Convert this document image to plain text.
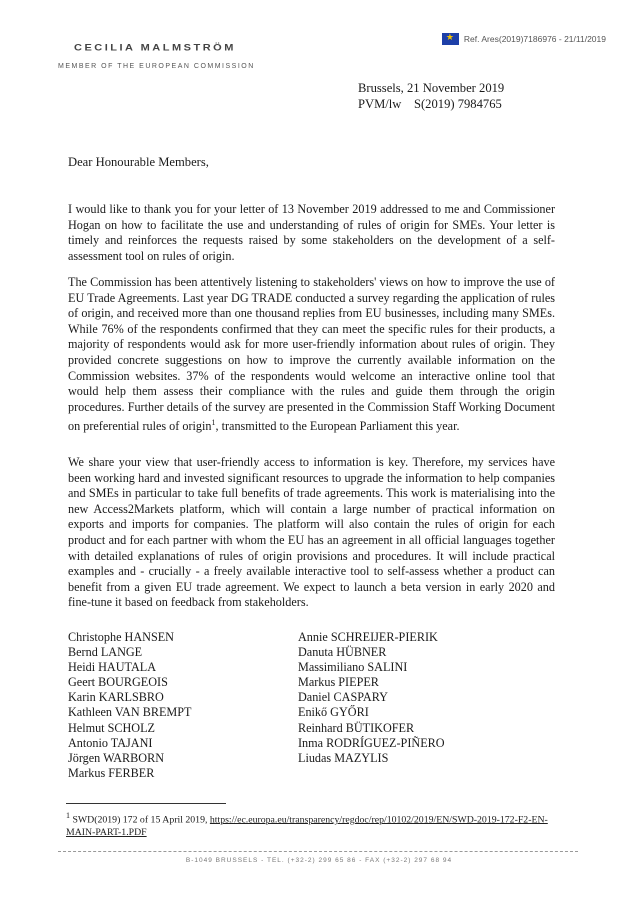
★
Ref. Ares(2019)7186976 - 21/11/2019
CECILIA MALMSTRÖM
MEMBER OF THE EUROPEAN COMMISSION
Brussels, 21 November 2019
PVM/lw    S(2019) 7984765
Dear Honourable Members,
I would like to thank you for your letter of 13 November 2019 addressed to me and Commissioner Hogan on how to facilitate the use and understanding of rules of origin for SMEs. Your letter is timely and reinforces the requests raised by some stakeholders on the development of a self-assessment tool on rules of origin.
The Commission has been attentively listening to stakeholders' views on how to improve the use of EU Trade Agreements. Last year DG TRADE conducted a survey regarding the application of rules of origin, and received more than one thousand replies from EU businesses, including many SMEs. While 76% of the respondents confirmed that they can meet the specific rules for their products, a majority of respondents would ask for more user-friendly information about rules of origin. They provided concrete suggestions on how to improve the currently available information on the Commission websites. 37% of the respondents would welcome an interactive online tool that would help them assess their compliance with the rules and guide them through the origin procedures. Further details of the survey are presented in the Commission Staff Working Document on preferential rules of origin$^1$, transmitted to the European Parliament this year.
We share your view that user-friendly access to information is key. Therefore, my services have been working hard and invested significant resources to upgrade the information to help companies and SMEs in particular to take full benefits of trade agreements. This work is materialising into the new Access2Markets platform, which will contain a large number of practical information on exports and imports for companies. The platform will also contain the rules of origin for each product and for each partner with whom the EU has an agreement in all official languages together with detailed explanations of rules of origin provisions and procedures. It will include practical examples and - crucially - a freely available interactive tool to self-assess whether a product can benefit from a given EU trade agreement. We expect to launch a beta version in early 2020 and fine-tune it based on feedback from stakeholders.
Christophe HANSEN
Bernd LANGE
Heidi HAUTALA
Geert BOURGEOIS
Karin KARLSBRO
Kathleen VAN BREMPT
Helmut SCHOLZ
Antonio TAJANI
Jörgen WARBORN
Markus FERBER
Annie SCHREIJER-PIERIK
Danuta HÜBNER
Massimiliano SALINI
Markus PIEPER
Daniel CASPARY
Enikő GYŐRI
Reinhard BÜTIKOFER
Inma RODRÍGUEZ-PIÑERO
Liudas MAZYLIS
$^1$ SWD(2019) 172 of 15 April 2019, https://ec.europa.eu/transparency/regdoc/rep/10102/2019/EN/SWD-2019-172-F2-EN-MAIN-PART-1.PDF
B-1049 BRUSSELS - TEL. (+32-2) 299 65 86 - FAX (+32-2) 297 68 94
